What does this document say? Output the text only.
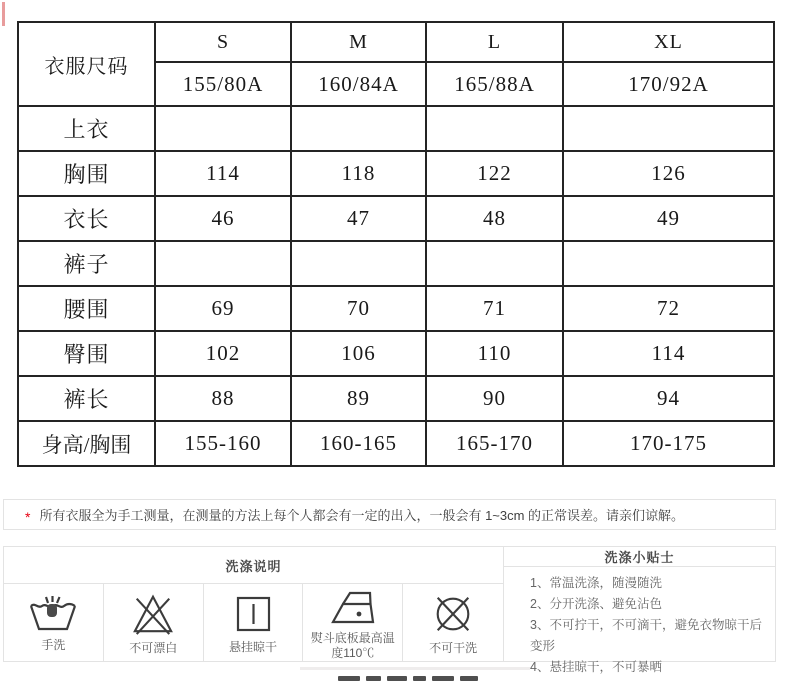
衣服尺码	S	M	L	XL
	155/80A	160/84A	165/88A	170/92A
上衣				
胸围	114	118	122	126
衣长	46	47	48	49
裤子				
腰围	69	70	71	72
臀围	102	106	110	114
裤长	88	89	90	94
身高/胸围	155-160	160-165	165-170	170-175
* 所有衣服全为手工测量，在测量的方法上每个人都会有一定的出入，一般会有 1~3cm 的正常误差。请亲们谅解。
洗涤说明
手洗	不可漂白	悬挂晾干
熨斗底板最高温度110℃	不可干洗
洗涤小贴士
1、常温洗涤，随漫随洗
2、分开洗涤、避免沾色
3、不可拧干，不可滴干，避免衣物晾干后变形
4、悬挂晾干，不可暴晒
